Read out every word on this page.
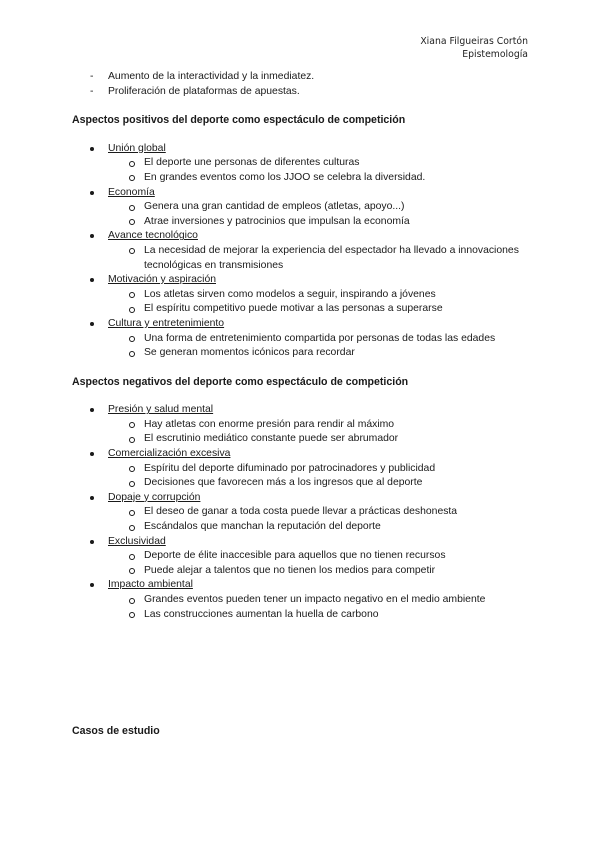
Xiana Filgueiras Cortón
Epistemología
- Aumento de la interactividad y la inmediatez.
- Proliferación de plataformas de apuestas.
Aspectos positivos del deporte como espectáculo de competición
Unión global
El deporte une personas de diferentes culturas
En grandes eventos como los JJOO se celebra la diversidad.
Economía
Genera una gran cantidad de empleos (atletas, apoyo...)
Atrae inversiones y patrocinios que impulsan la economía
Avance tecnológico
La necesidad de mejorar la experiencia del espectador ha llevado a innovaciones tecnológicas en transmisiones
Motivación y aspiración
Los atletas sirven como modelos a seguir, inspirando a jóvenes
El espíritu competitivo puede motivar a las personas a superarse
Cultura y entretenimiento
Una forma de entretenimiento compartida por personas de todas las edades
Se generan momentos icónicos para recordar
Aspectos negativos del deporte como espectáculo de competición
Presión y salud mental
Hay atletas con enorme presión para rendir al máximo
El escrutinio mediático constante puede ser abrumador
Comercialización excesiva
Espíritu del deporte difuminado por patrocinadores y publicidad
Decisiones que favorecen más a los ingresos que al deporte
Dopaje y corrupción
El deseo de ganar a toda costa puede llevar a prácticas deshonesta
Escándalos que manchan la reputación del deporte
Exclusividad
Deporte de élite inaccesible para aquellos que no tienen recursos
Puede alejar a talentos que no tienen los medios para competir
Impacto ambiental
Grandes eventos pueden tener un impacto negativo en el medio ambiente
Las construcciones aumentan la huella de carbono
Casos de estudio
